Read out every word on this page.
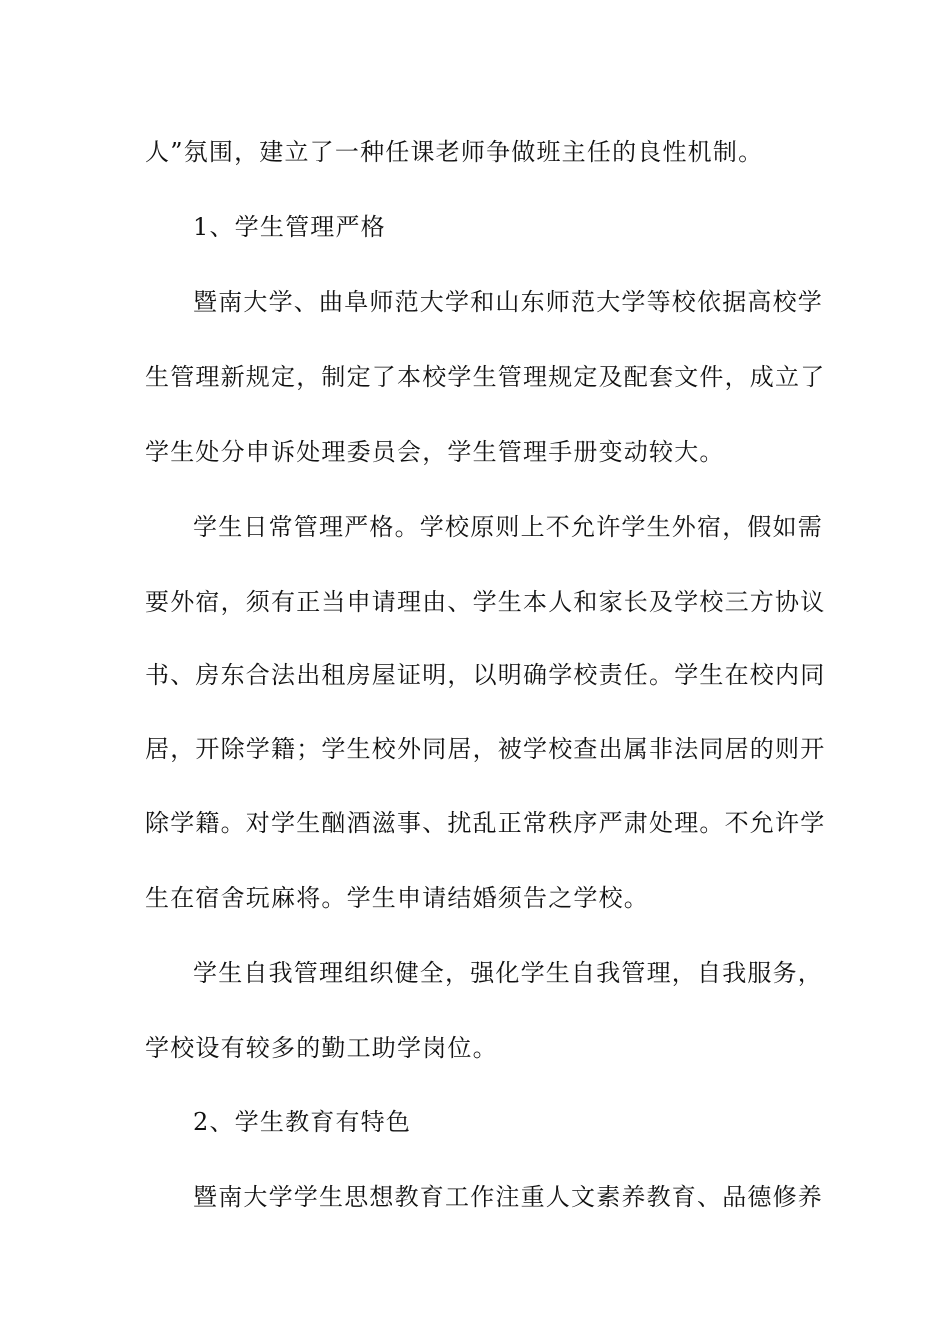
人”氛围，建立了一种任课老师争做班主任的良性机制。
1、学生管理严格
暨南大学、曲阜师范大学和山东师范大学等校依据高校学
生管理新规定，制定了本校学生管理规定及配套文件，成立了
学生处分申诉处理委员会，学生管理手册变动较大。
学生日常管理严格。学校原则上不允许学生外宿，假如需
要外宿，须有正当申请理由、学生本人和家长及学校三方协议
书、房东合法出租房屋证明，以明确学校责任。学生在校内同
居，开除学籍；学生校外同居，被学校查出属非法同居的则开
除学籍。对学生酗酒滋事、扰乱正常秩序严肃处理。不允许学
生在宿舍玩麻将。学生申请结婚须告之学校。
学生自我管理组织健全，强化学生自我管理，自我服务，
学校设有较多的勤工助学岗位。
2、学生教育有特色
暨南大学学生思想教育工作注重人文素养教育、品德修养
